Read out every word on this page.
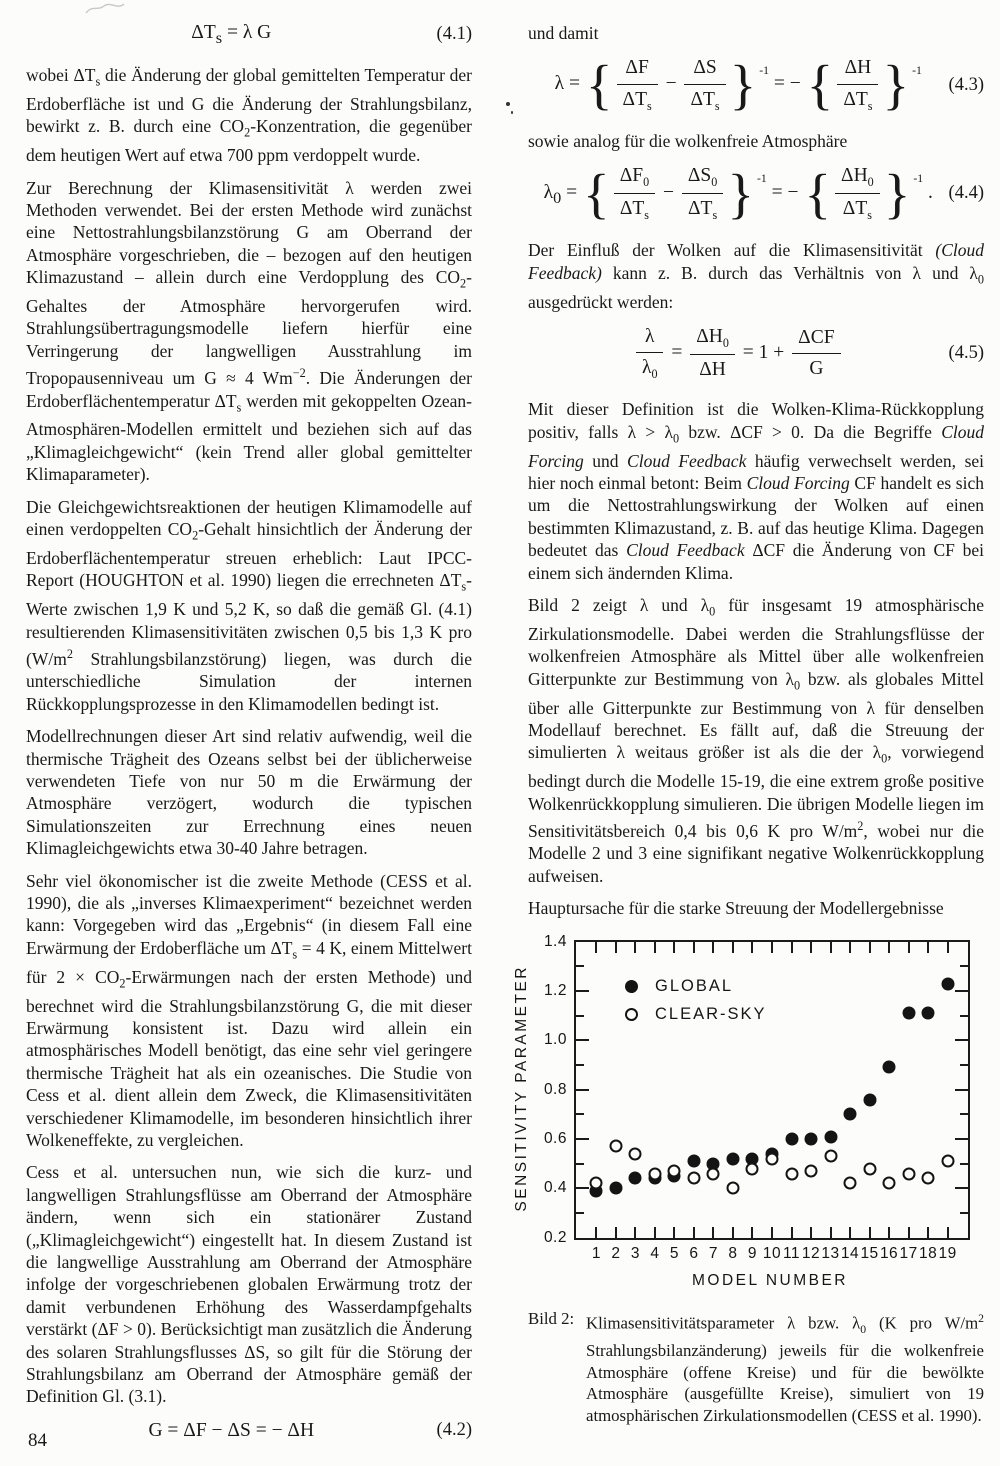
$\Delta T_s = \lambda$ G	(4.1)

wobei $\Delta T_s$ die Änderung der global gemittelten Temperatur der Erdoberfläche ist und G die Änderung der Strahlungsbilanz, bewirkt z. B. durch eine $CO_2$-Konzentration, die gegenüber dem heutigen Wert auf etwa 700 ppm verdoppelt wurde.

Zur Berechnung der Klimasensitivität λ werden zwei Methoden verwendet. Bei der ersten Methode wird zunächst eine Nettostrahlungsbilanzstörung G am Oberrand der Atmosphäre vorgeschrieben, die – bezogen auf den heutigen Klimazustand – allein durch eine Verdopplung des $CO_2$-Gehaltes der Atmosphäre hervorgerufen wird. Strahlungsübertragungsmodelle liefern hierfür eine Verringerung der langwelligen Ausstrahlung im Tropopausenniveau um G ≈ 4 $Wm^{-2}$. Die Änderungen der Erdoberflächentemperatur $\Delta T_s$ werden mit gekoppelten Ozean-Atmosphären-Modellen ermittelt und beziehen sich auf das „Klimagleichgewicht“ (kein Trend aller global gemittelter Klimaparameter).

Die Gleichgewichtsreaktionen der heutigen Klimamodelle auf einen verdoppelten $CO_2$-Gehalt hinsichtlich der Änderung der Erdoberflächentemperatur streuen erheblich: Laut IPCC-Report (HOUGHTON et al. 1990) liegen die errechneten $\Delta T_s$-Werte zwischen 1,9 K und 5,2 K, so daß die gemäß Gl. (4.1) resultierenden Klimasensitivitäten zwischen 0,5 bis 1,3 K pro ($W/m^2$ Strahlungsbilanzstörung) liegen, was durch die unterschiedliche Simulation der internen Rückkopplungsprozesse in den Klimamodellen bedingt ist.

Modellrechnungen dieser Art sind relativ aufwendig, weil die thermische Trägheit des Ozeans selbst bei der üblicherweise verwendeten Tiefe von nur 50 m die Erwärmung der Atmosphäre verzögert, wodurch die typischen Simulationszeiten zur Errechnung eines neuen Klimagleichgewichts etwa 30-40 Jahre betragen.

Sehr viel ökonomischer ist die zweite Methode (CESS et al. 1990), die als „inverses Klimaexperiment“ bezeichnet werden kann: Vorgegeben wird das „Ergebnis“ (in diesem Fall eine Erwärmung der Erdoberfläche um $\Delta T_s = 4$ K, einem Mittelwert für $2 \times CO_2$-Erwärmungen nach der ersten Methode) und berechnet wird die Strahlungsbilanzstörung G, die mit dieser Erwärmung konsistent ist. Dazu wird allein ein atmosphärisches Modell benötigt, das eine sehr viel geringere thermische Trägheit hat als ein ozeanisches. Die Studie von Cess et al. dient allein dem Zweck, die Klimasensitivitäten verschiedener Klimamodelle, im besonderen hinsichtlich ihrer Wolkeneffekte, zu vergleichen.

Cess et al. untersuchen nun, wie sich die kurz- und langwelligen Strahlungsflüsse am Oberrand der Atmosphäre ändern, wenn sich ein stationärer Zustand („Klimagleichgewicht“) eingestellt hat. In diesem Zustand ist die langwellige Ausstrahlung am Oberrand der Atmosphäre infolge der vorgeschriebenen globalen Erwärmung trotz der damit verbundenen Erhöhung des Wasserdampfgehalts verstärkt (ΔF > 0). Berücksichtigt man zusätzlich die Änderung des solaren Strahlungsflusses ΔS, so gilt für die Störung der Strahlungsbilanz am Oberrand der Atmosphäre gemäß der Definition Gl. (3.1).

G = ΔF − ΔS = − ΔH	(4.2)

und damit

λ = { $\frac{\Delta F}{\Delta T_s} - \frac{\Delta S}{\Delta T_s}$ } $^{-1}$ = − { $\frac{\Delta H}{\Delta T_s}$ } $^{-1}$
(4.3)

sowie analog für die wolkenfreie Atmosphäre

$\lambda_0$ = { $\frac{\Delta F_0}{\Delta T_s} - \frac{\Delta S_0}{\Delta T_s}$ } $^{-1}$ = − { $\frac{\Delta H_0}{\Delta T_s}$ } $^{-1}$ . (4.4)

Der Einfluß der Wolken auf die Klimasensitivität (Cloud Feedback) kann z. B. durch das Verhältnis von λ und $\lambda_0$ ausgedrückt werden:

$\frac{\lambda}{\lambda_0} = \frac{\Delta H_0}{\Delta H} = 1 + \frac{\text{ΔCF}}{G}$	(4.5)

Mit dieser Definition ist die Wolken-Klima-Rückkopplung positiv, falls $\lambda > \lambda_0$ bzw. ΔCF > 0. Da die Begriffe Cloud Forcing und Cloud Feedback häufig verwechselt werden, sei hier noch einmal betont: Beim Cloud Forcing CF handelt es sich um die Nettostrahlungswirkung der Wolken auf einen bestimmten Klimazustand, z. B. auf das heutige Klima. Dagegen bedeutet das Cloud Feedback ΔCF die Änderung von CF bei einem sich ändernden Klima.

Bild 2 zeigt λ und $\lambda_0$ für insgesamt 19 atmosphärische Zirkulationsmodelle. Dabei werden die Strahlungsflüsse der wolkenfreien Atmosphäre als Mittel über alle wolkenfreien Gitterpunkte zur Bestimmung von $\lambda_0$ bzw. als globales Mittel über alle Gitterpunkte zur Bestimmung von λ für denselben Modellauf berechnet. Es fällt auf, daß die Streuung der simulierten λ weitaus größer ist als die der $\lambda_0$, vorwiegend bedingt durch die Modelle 15-19, die eine extrem große positive Wolkenrückkopplung simulieren. Die übrigen Modelle liegen im Sensitivitätsbereich 0,4 bis 0,6 K pro $W/m^2$, wobei nur die Modelle 2 und 3 eine signifikant negative Wolkenrückkopplung aufweisen.

Hauptursache für die starke Streuung der Modellergebnisse

SENSITIVITY PARAMETER	GLOBAL
CLEAR-SKY
0.2
0.4
0.6
0.8
1.0
1.2
1.4
1 2 3 4 5 6 7 8 9 10 11 12 13 14 15 16 17 18 19
MODEL NUMBER
Bild 2: Klimasensitivitätsparameter λ bzw. $\lambda_0$ (K pro $W/m^2$ Strahlungsbilanzänderung) jeweils für die wolkenfreie Atmosphäre (offene Kreise) und für die bewölkte Atmosphäre (ausgefüllte Kreise), simuliert von 19 atmosphärischen Zirkulationsmodellen (CESS et al. 1990).
84
